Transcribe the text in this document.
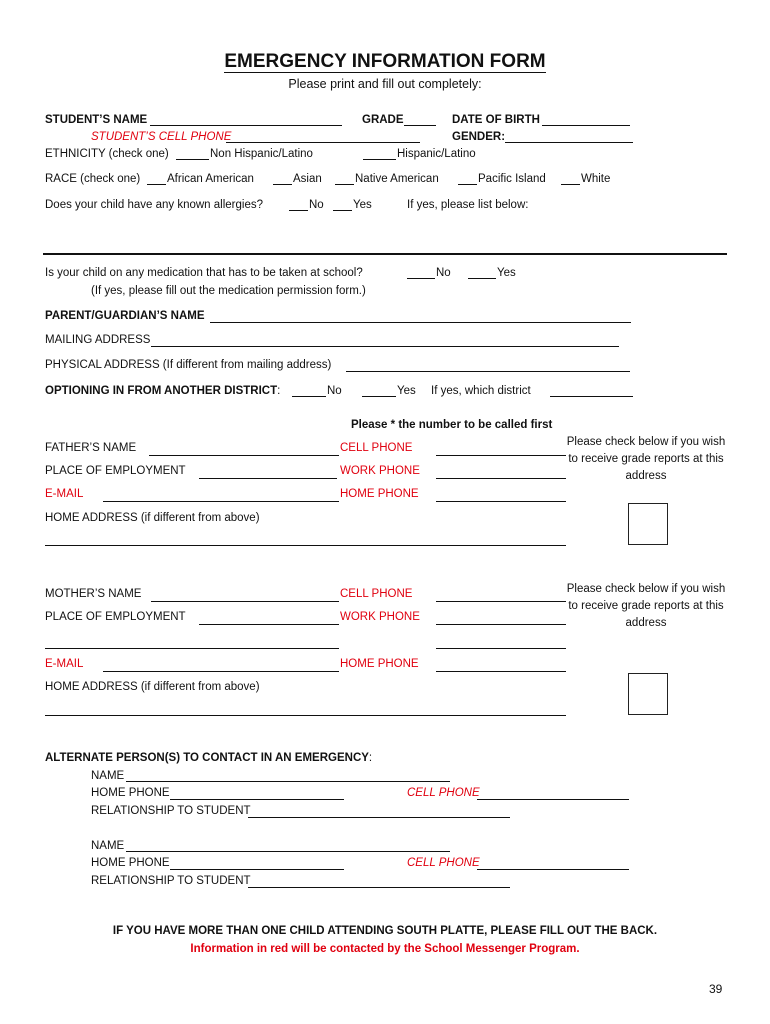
EMERGENCY INFORMATION FORM
Please print and fill out completely:
STUDENT’S NAME	GRADE	DATE OF BIRTH
STUDENT’S CELL PHONE	GENDER:
ETHNICITY (check one)	Non Hispanic/Latino	Hispanic/Latino
RACE (check one) African American	Asian	Native American	Pacific Island	White
Does your child have any known allergies?	No	Yes	If yes, please list below:
Is your child on any medication that has to be taken at school?	No	Yes
(If yes, please fill out the medication permission form.)
PARENT/GUARDIAN’S NAME
MAILING ADDRESS
PHYSICAL ADDRESS (If different from mailing address)
OPTIONING IN FROM ANOTHER DISTRICT:	No	Yes If yes, which district
Please * the number to be called first
FATHER’S NAME	CELL PHONE
PLACE OF EMPLOYMENT	WORK PHONE
E-MAIL	HOME PHONE
Please check below if you wish to receive grade reports at this address
HOME ADDRESS (if different from above)
MOTHER’S NAME	CELL PHONE
PLACE OF EMPLOYMENT	WORK PHONE
E-MAIL	HOME PHONE
Please check below if you wish to receive grade reports at this address
HOME ADDRESS (if different from above)
ALTERNATE PERSON(S) TO CONTACT IN AN EMERGENCY:
NAME
HOME PHONE	CELL PHONE
RELATIONSHIP TO STUDENT
NAME
HOME PHONE	CELL PHONE
RELATIONSHIP TO STUDENT
IF YOU HAVE MORE THAN ONE CHILD ATTENDING SOUTH PLATTE, PLEASE FILL OUT THE BACK.
Information in red will be contacted by the School Messenger Program.
39
